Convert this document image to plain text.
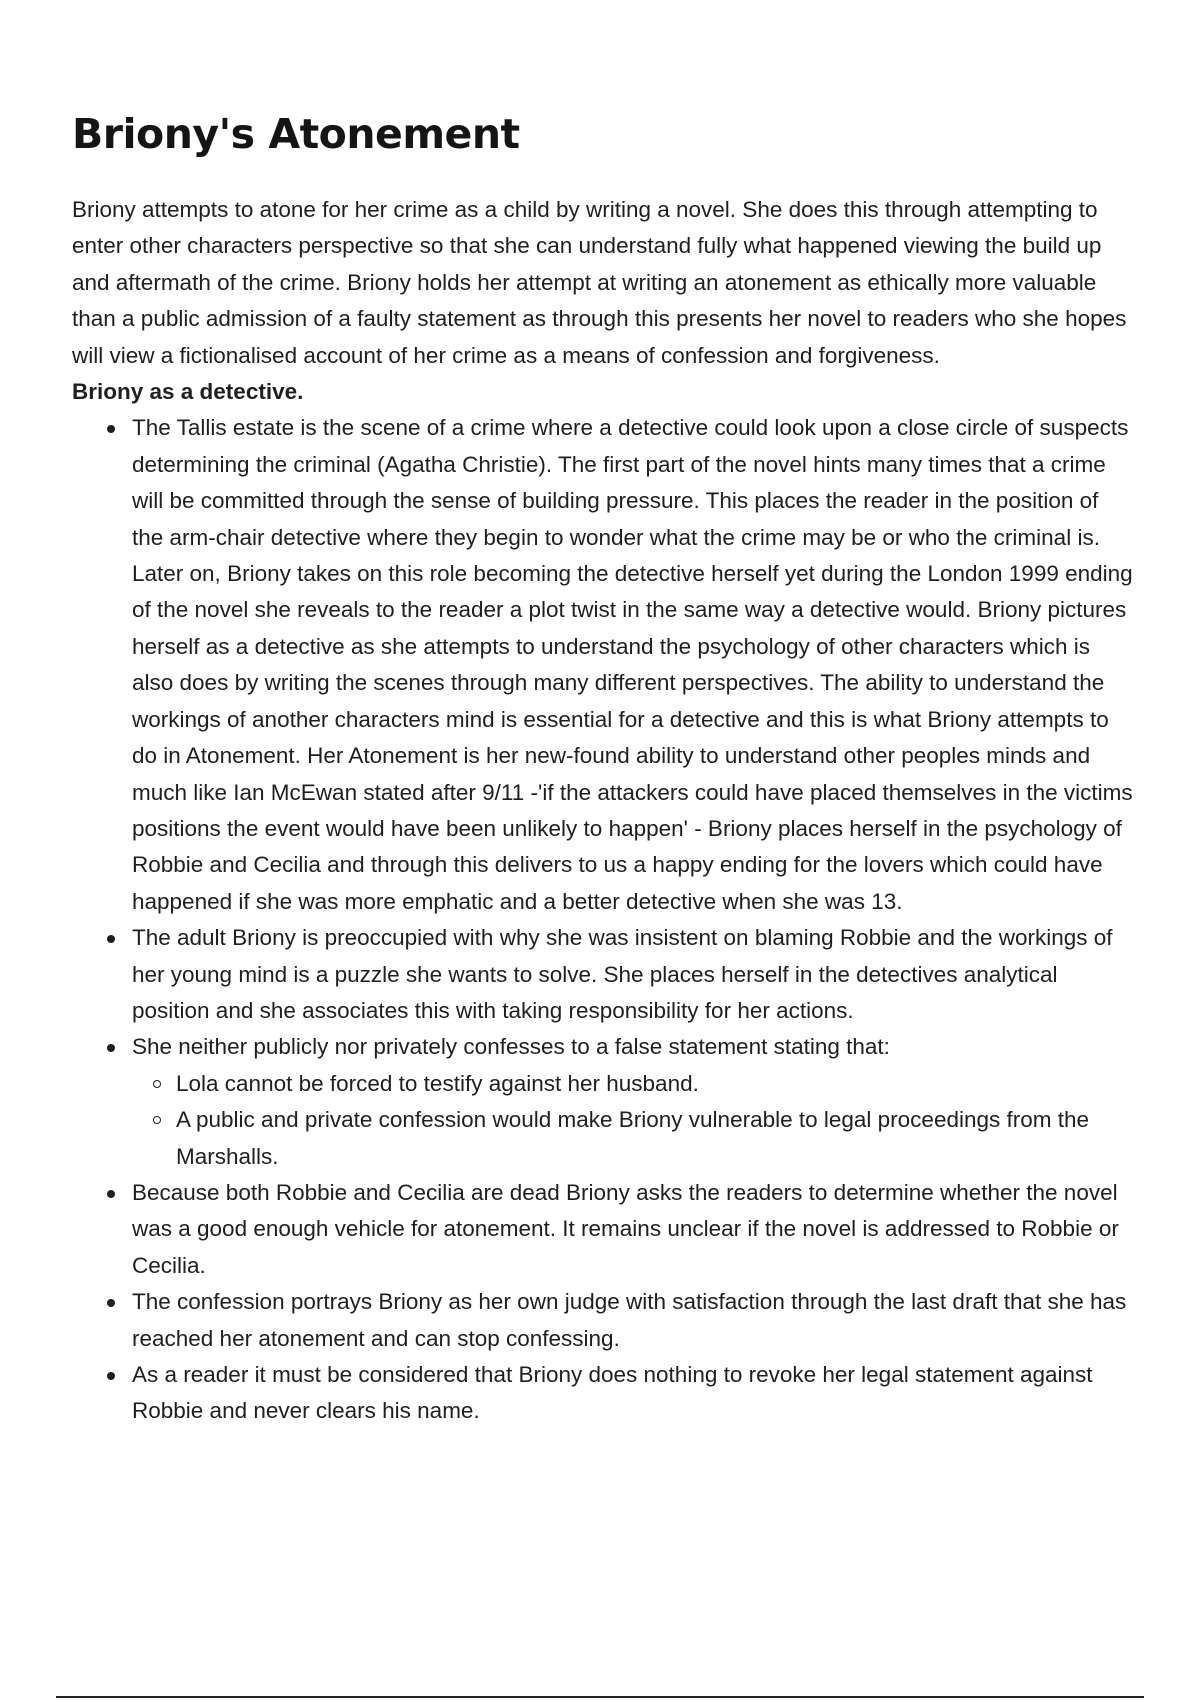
Briony's Atonement

Briony attempts to atone for her crime as a child by writing a novel. She does this through attempting to enter other characters perspective so that she can understand fully what happened viewing the build up and aftermath of the crime. Briony holds her attempt at writing an atonement as ethically more valuable than a public admission of a faulty statement as through this presents her novel to readers who she hopes will view a fictionalised account of her crime as a means of confession and forgiveness.

Briony as a detective.

The Tallis estate is the scene of a crime where a detective could look upon a close circle of suspects determining the criminal (Agatha Christie). The first part of the novel hints many times that a crime will be committed through the sense of building pressure. This places the reader in the position of the arm-chair detective where they begin to wonder what the crime may be or who the criminal is. Later on, Briony takes on this role becoming the detective herself yet during the London 1999 ending of the novel she reveals to the reader a plot twist in the same way a detective would. Briony pictures herself as a detective as she attempts to understand the psychology of other characters which is also does by writing the scenes through many different perspectives. The ability to understand the workings of another characters mind is essential for a detective and this is what Briony attempts to do in Atonement. Her Atonement is her new-found ability to understand other peoples minds and much like Ian McEwan stated after 9/11 -'if the attackers could have placed themselves in the victims positions the event would have been unlikely to happen' - Briony places herself in the psychology of Robbie and Cecilia and through this delivers to us a happy ending for the lovers which could have happened if she was more emphatic and a better detective when she was 13.
The adult Briony is preoccupied with why she was insistent on blaming Robbie and the workings of her young mind is a puzzle she wants to solve. She places herself in the detectives analytical position and she associates this with taking responsibility for her actions.
She neither publicly nor privately confesses to a false statement stating that:
Lola cannot be forced to testify against her husband.
A public and private confession would make Briony vulnerable to legal proceedings from the Marshalls.
Because both Robbie and Cecilia are dead Briony asks the readers to determine whether the novel was a good enough vehicle for atonement. It remains unclear if the novel is addressed to Robbie or Cecilia.
The confession portrays Briony as her own judge with satisfaction through the last draft that she has reached her atonement and can stop confessing.
As a reader it must be considered that Briony does nothing to revoke her legal statement against Robbie and never clears his name.
